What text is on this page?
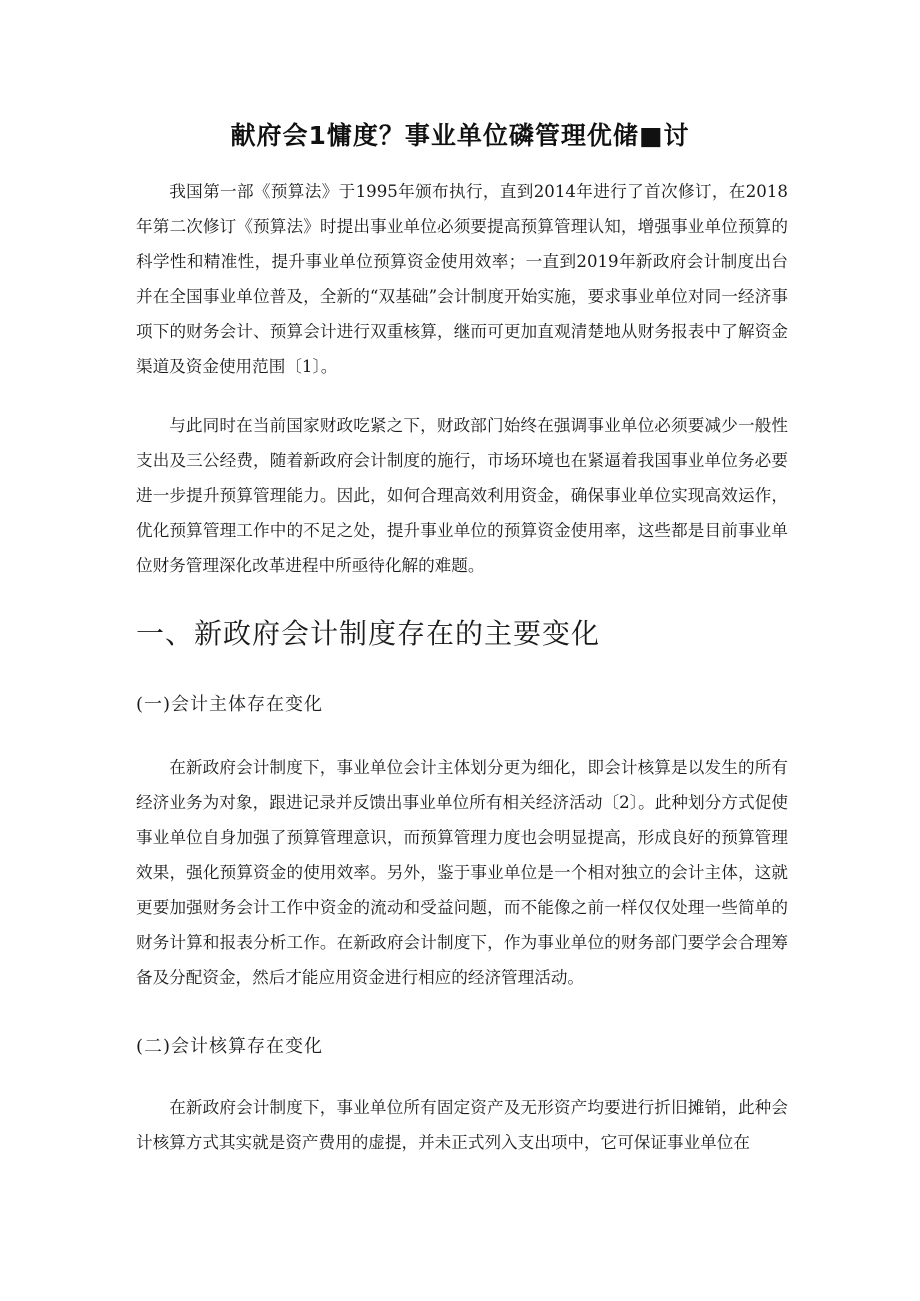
献府会1慵度？事业单位磷管理优储■讨

我国第一部《预算法》于1995年颁布执行，直到2014年进行了首次修订，在2018年第二次修订《预算法》时提出事业单位必须要提高预算管理认知，增强事业单位预算的科学性和精准性，提升事业单位预算资金使用效率；一直到2019年新政府会计制度出台并在全国事业单位普及，全新的“双基础”会计制度开始实施，要求事业单位对同一经济事项下的财务会计、预算会计进行双重核算，继而可更加直观清楚地从财务报表中了解资金渠道及资金使用范围〔1〕。

与此同时在当前国家财政吃紧之下，财政部门始终在强调事业单位必须要减少一般性支出及三公经费，随着新政府会计制度的施行，市场环境也在紧逼着我国事业单位务必要进一步提升预算管理能力。因此，如何合理高效利用资金，确保事业单位实现高效运作，优化预算管理工作中的不足之处，提升事业单位的预算资金使用率，这些都是目前事业单位财务管理深化改革进程中所亟待化解的难题。

一、新政府会计制度存在的主要变化
(一)会计主体存在变化

在新政府会计制度下，事业单位会计主体划分更为细化，即会计核算是以发生的所有经济业务为对象，跟进记录并反馈出事业单位所有相关经济活动〔2〕。此种划分方式促使事业单位自身加强了预算管理意识，而预算管理力度也会明显提高，形成良好的预算管理效果，强化预算资金的使用效率。另外，鉴于事业单位是一个相对独立的会计主体，这就更要加强财务会计工作中资金的流动和受益问题，而不能像之前一样仅仅处理一些简单的财务计算和报表分析工作。在新政府会计制度下，作为事业单位的财务部门要学会合理筹备及分配资金，然后才能应用资金进行相应的经济管理活动。

(二)会计核算存在变化

在新政府会计制度下，事业单位所有固定资产及无形资产均要进行折旧摊销，此种会计核算方式其实就是资产费用的虚提，并未正式列入支出项中，它可保证事业单位在
